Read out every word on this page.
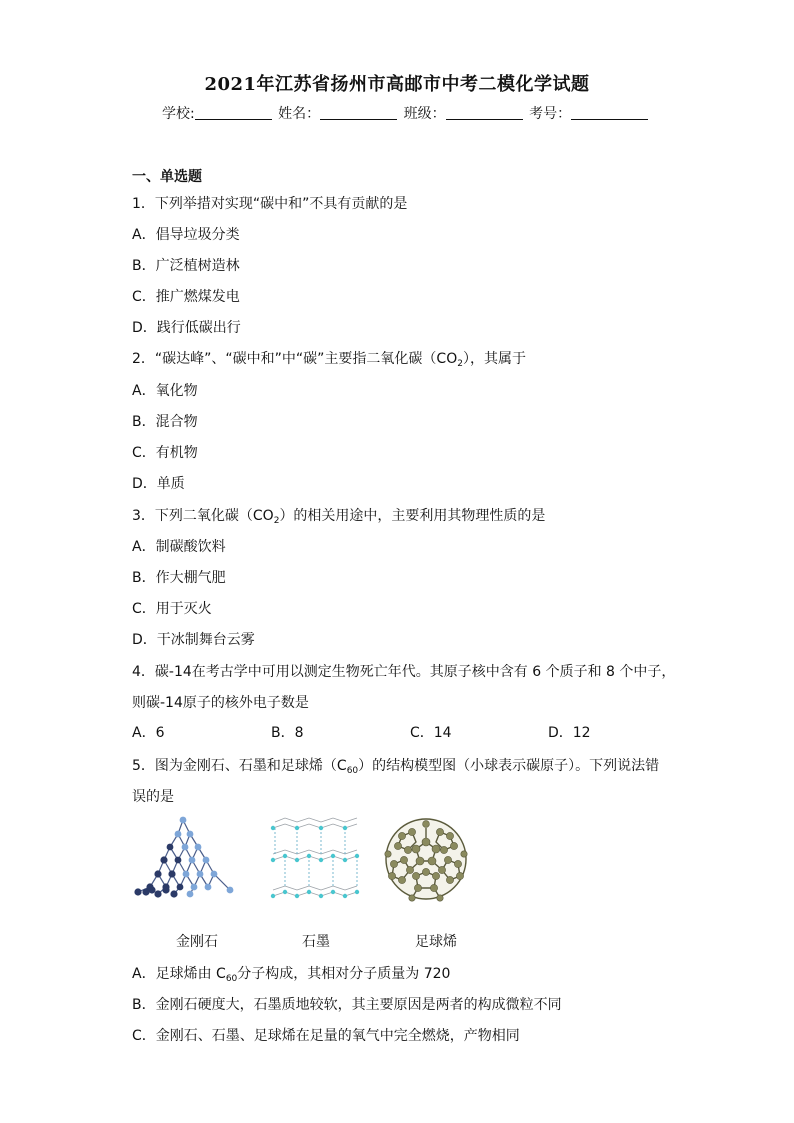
2021年江苏省扬州市高邮市中考二模化学试题
学校:	姓名：	班级：	考号：
一、单选题
1．下列举措对实现“碳中和”不具有贡献的是
A．倡导垃圾分类
B．广泛植树造林
C．推广燃煤发电
D．践行低碳出行
2．“碳达峰”、“碳中和”中“碳”主要指二氧化碳$(CO_2)$，其属于
A．氧化物
B．混合物
C．有机物
D．单质
3．下列二氧化碳$(CO_2)$的相关用途中，主要利用其物理性质的是
A．制碳酸饮料
B．作大棚气肥
C．用于灭火
D．干冰制舞台云雾
4．碳-14在考古学中可用以测定生物死亡年代。其原子核中含有 6 个质子和 8 个中子，
则碳-14原子的核外电子数是
A．6	B．8	C．14	D．12
5．图为金刚石、石墨和足球烯$(C_{60})$的结构模型图（小球表示碳原子）。下列说法错
误的是
金刚石	石墨	足球烯
A．足球烯由 $C_{60}$分子构成，其相对分子质量为 720
B．金刚石硬度大，石墨质地较软，其主要原因是两者的构成微粒不同
C．金刚石、石墨、足球烯在足量的氧气中完全燃烧，产物相同
